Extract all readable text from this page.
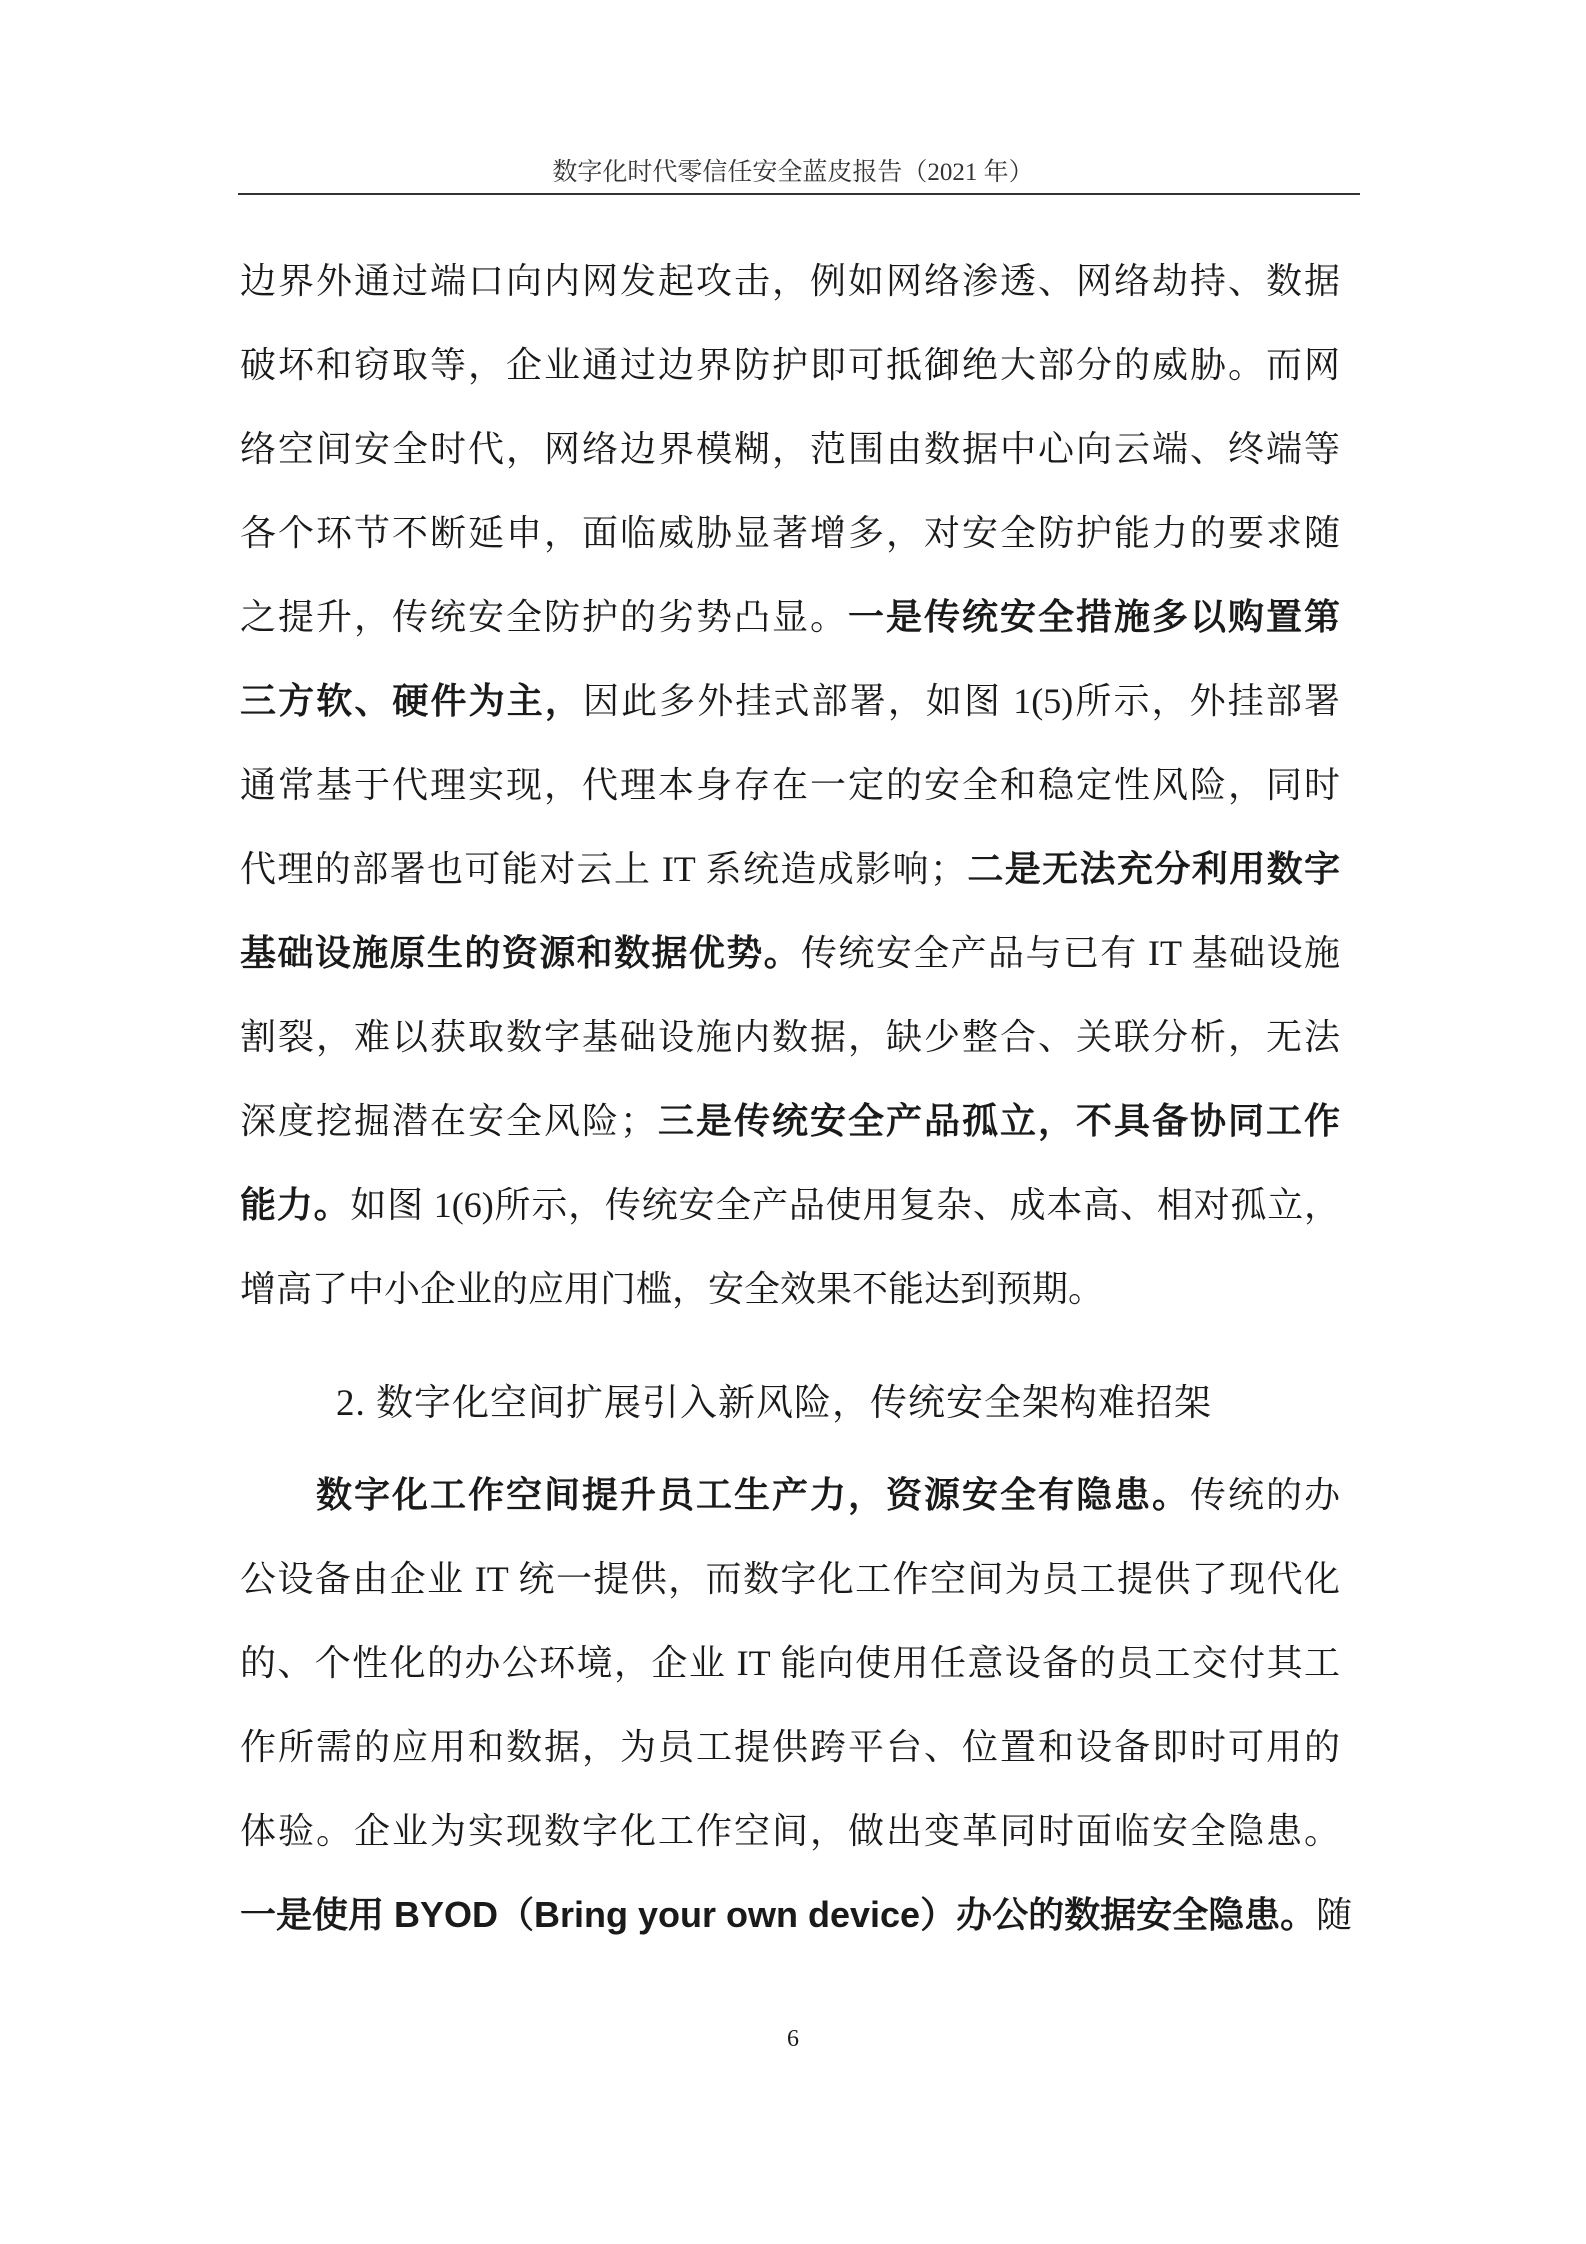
数字化时代零信任安全蓝皮报告（2021 年）
边界外通过端口向内网发起攻击，例如网络渗透、网络劫持、数据
破坏和窃取等，企业通过边界防护即可抵御绝大部分的威胁。而网
络空间安全时代，网络边界模糊，范围由数据中心向云端、终端等
各个环节不断延申，面临威胁显著增多，对安全防护能力的要求随
之提升，传统安全防护的劣势凸显。一是传统安全措施多以购置第
三方软、硬件为主，因此多外挂式部署，如图 1(5)所示，外挂部署
通常基于代理实现，代理本身存在一定的安全和稳定性风险，同时
代理的部署也可能对云上 IT 系统造成影响；二是无法充分利用数字
基础设施原生的资源和数据优势。传统安全产品与已有 IT 基础设施
割裂，难以获取数字基础设施内数据，缺少整合、关联分析，无法
深度挖掘潜在安全风险；三是传统安全产品孤立，不具备协同工作
能力。如图 1(6)所示，传统安全产品使用复杂、成本高、相对孤立，
增高了中小企业的应用门槛，安全效果不能达到预期。
2. 数字化空间扩展引入新风险，传统安全架构难招架
数字化工作空间提升员工生产力，资源安全有隐患。传统的办
公设备由企业 IT 统一提供，而数字化工作空间为员工提供了现代化
的、个性化的办公环境，企业 IT 能向使用任意设备的员工交付其工
作所需的应用和数据，为员工提供跨平台、位置和设备即时可用的
体验。企业为实现数字化工作空间，做出变革同时面临安全隐患。
一是使用 BYOD（Bring your own device）办公的数据安全隐患。随
6
